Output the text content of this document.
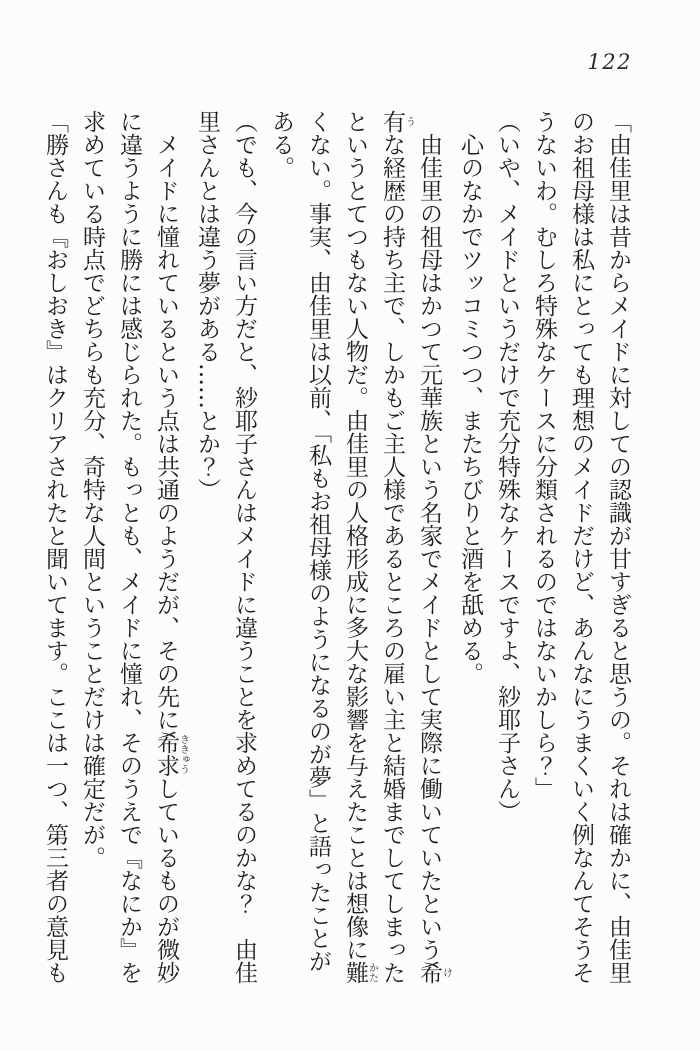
122

「由佳里は昔からメイドに対しての認識が甘すぎると思うの。それは確かに、由佳里のお祖母様は私にとっても理想のメイドだけど、あんなにうまくいく例なんてそうそうないわ。むしろ特殊なケースに分類されるのではないかしら？」

（いや、メイドというだけで充分特殊なケースですよ、紗耶子さん）

心のなかでツッコミつつ、またちびりと酒を舐める。

由佳里の祖母はかつて元華族という名家でメイドとして実際に働いていたという希け有うな経歴の持ち主で、しかもご主人様であるところの雇い主と結婚までしてしまったというとてつもない人物だ。由佳里の人格形成に多大な影響を与えたことは想像に難かたくない。事実、由佳里は以前、「私もお祖母様のようになるのが夢」と語ったことがある。

（でも、今の言い方だと、紗耶子さんはメイドに違うことを求めてるのかな？　由佳里さんとは違う夢がある……とか？）

メイドに憧れているという点は共通のようだが、その先に希求ききゅうしているものが微妙に違うように勝には感じられた。もっとも、メイドに憧れ、そのうえで『なにか』を求めている時点でどちらも充分、奇特な人間ということだけは確定だが。

「勝さんも『おしおき』はクリアされたと聞いてます。ここは一つ、第三者の意見も
